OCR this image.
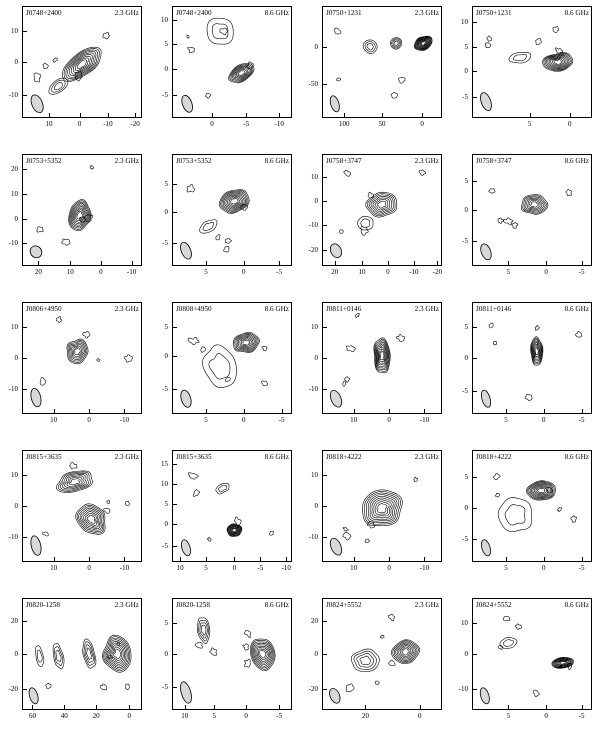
J0748+2400	2.3 GHz
10
0
-10
10	0	-10	-20
J0748+2400	8.6 GHz
10
5
0
-5
0	-5	-10
J0750+1231	2.3 GHz
0
-50
100	50	0
J0750+1231	8.6 GHz
10
5
0
-5
5	0
J0753+5352	2.3 GHz
20
10
0
-10
20	10	0	-10
J0753+5352	8.6 GHz
5
0
-5
5	0	-5
J0758+3747	2.3 GHz
10
0
-10
-20
20	10	0	-10 -20
J0758+3747	8.6 GHz
5
0
-5
5	0	-5
J0806+4950	2.3 GHz
10
0
-10
10	0	-10
J0808+4950	8.6 GHz
5
0
-5
5	0	-5
J0811+0146	2.3 GHz
10
0
-10
10	0	-10
J0811+0146	8.6 GHz
5
0
-5
5	0	-5
J0815+3635	2.3 GHz
10
0
-10
10	0	-10
J0815+3635	8.6 GHz
15
10
5
0
-5
10	5	0	-5	-10
J0818+4222	2.3 GHz
10
0
-10
10	0	-10
J0818+4222	8.6 GHz
5
0
-5
5	0	-5
J0820-1258	2.3 GHz
20
0
-20
60	40	20	0
J0820-1258	8.6 GHz
5
0
-5
10	5	0	-5
J0824+5552	2.3 GHz
20
0
-20
20	0
J0824+5552	8.6 GHz
10
0
-10
5	0	-5
